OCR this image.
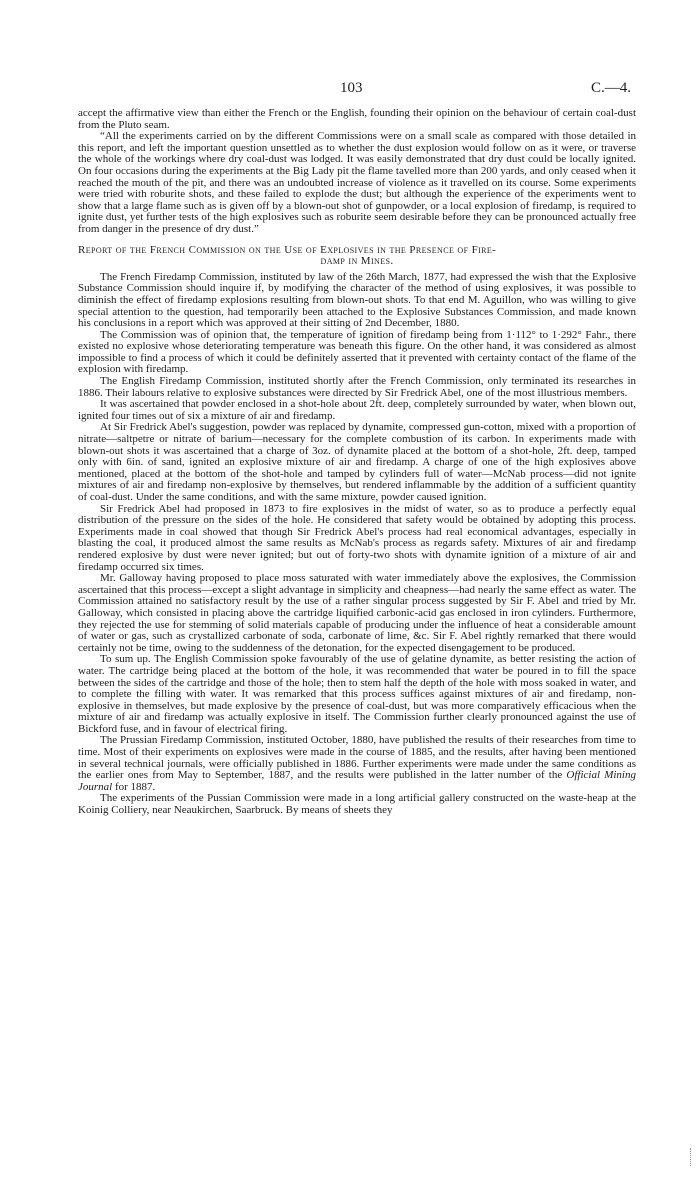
103	C.—4.

accept the affirmative view than either the French or the English, founding their opinion on the behaviour of certain coal-dust from the Pluto seam.

“All the experiments carried on by the different Commissions were on a small scale as compared with those detailed in this report, and left the important question unsettled as to whether the dust explosion would follow on as it were, or traverse the whole of the workings where dry coal-dust was lodged. It was easily demonstrated that dry dust could be locally ignited. On four occasions during the experiments at the Big Lady pit the flame tavelled more than 200 yards, and only ceased when it reached the mouth of the pit, and there was an undoubted increase of violence as it travelled on its course. Some experiments were tried with roburite shots, and these failed to explode the dust; but although the experience of the experiments went to show that a large flame such as is given off by a blown-out shot of gunpowder, or a local explosion of firedamp, is required to ignite dust, yet further tests of the high explosives such as roburite seem desirable before they can be pronounced actually free from danger in the presence of dry dust.”

Report of the French Commission on the Use of Explosives in the Presence of Fire-
damp in Mines.

The French Firedamp Commission, instituted by law of the 26th March, 1877, had expressed the wish that the Explosive Substance Commission should inquire if, by modifying the character of the method of using explosives, it was possible to diminish the effect of firedamp explosions resulting from blown-out shots. To that end M. Aguillon, who was willing to give special attention to the question, had temporarily been attached to the Explosive Substances Commission, and made known his conclusions in a report which was approved at their sitting of 2nd December, 1880.

The Commission was of opinion that, the temperature of ignition of firedamp being from 1·112° to 1·292° Fahr., there existed no explosive whose deteriorating temperature was beneath this figure. On the other hand, it was considered as almost impossible to find a process of which it could be definitely asserted that it prevented with certainty contact of the flame of the explosion with firedamp.

The English Firedamp Commission, instituted shortly after the French Commission, only terminated its researches in 1886. Their labours relative to explosive substances were directed by Sir Fredrick Abel, one of the most illustrious members.

It was ascertained that powder enclosed in a shot-hole about 2ft. deep, completely surrounded by water, when blown out, ignited four times out of six a mixture of air and firedamp.

At Sir Fredrick Abel's suggestion, powder was replaced by dynamite, compressed gun-cotton, mixed with a proportion of nitrate—saltpetre or nitrate of barium—necessary for the complete combustion of its carbon. In experiments made with blown-out shots it was ascertained that a charge of 3oz. of dynamite placed at the bottom of a shot-hole, 2ft. deep, tamped only with 6in. of sand, ignited an explosive mixture of air and firedamp. A charge of one of the high explosives above mentioned, placed at the bottom of the shot-hole and tamped by cylinders full of water—McNab process—did not ignite mixtures of air and firedamp non-explosive by themselves, but rendered inflammable by the addition of a sufficient quantity of coal-dust. Under the same conditions, and with the same mixture, powder caused ignition.

Sir Fredrick Abel had proposed in 1873 to fire explosives in the midst of water, so as to produce a perfectly equal distribution of the pressure on the sides of the hole. He considered that safety would be obtained by adopting this process. Experiments made in coal showed that though Sir Fredrick Abel's process had real economical advantages, especially in blasting the coal, it produced almost the same results as McNab's process as regards safety. Mixtures of air and firedamp rendered explosive by dust were never ignited; but out of forty-two shots with dynamite ignition of a mixture of air and firedamp occurred six times.

Mr. Galloway having proposed to place moss saturated with water immediately above the explosives, the Commission ascertained that this process—except a slight advantage in simplicity and cheapness—had nearly the same effect as water. The Commission attained no satisfactory result by the use of a rather singular process suggested by Sir F. Abel and tried by Mr. Galloway, which consisted in placing above the cartridge liquified carbonic-acid gas enclosed in iron cylinders. Furthermore, they rejected the use for stemming of solid materials capable of producing under the influence of heat a considerable amount of water or gas, such as crystallized carbonate of soda, carbonate of lime, &c. Sir F. Abel rightly remarked that there would certainly not be time, owing to the suddenness of the detonation, for the expected disengagement to be produced.

To sum up. The English Commission spoke favourably of the use of gelatine dynamite, as better resisting the action of water. The cartridge being placed at the bottom of the hole, it was recommended that water be poured in to fill the space between the sides of the cartridge and those of the hole; then to stem half the depth of the hole with moss soaked in water, and to complete the filling with water. It was remarked that this process suffices against mixtures of air and firedamp, non-explosive in themselves, but made explosive by the presence of coal-dust, but was more comparatively efficacious when the mixture of air and firedamp was actually explosive in itself. The Commission further clearly pronounced against the use of Bickford fuse, and in favour of electrical firing.

The Prussian Firedamp Commission, instituted October, 1880, have published the results of their researches from time to time. Most of their experiments on explosives were made in the course of 1885, and the results, after having been mentioned in several technical journals, were officially published in 1886. Further experiments were made under the same conditions as the earlier ones from May to September, 1887, and the results were published in the latter number of the Official Mining Journal for 1887.

The experiments of the Pussian Commission were made in a long artificial gallery constructed on the waste-heap at the Koinig Colliery, near Neaukirchen, Saarbruck. By means of sheets they
